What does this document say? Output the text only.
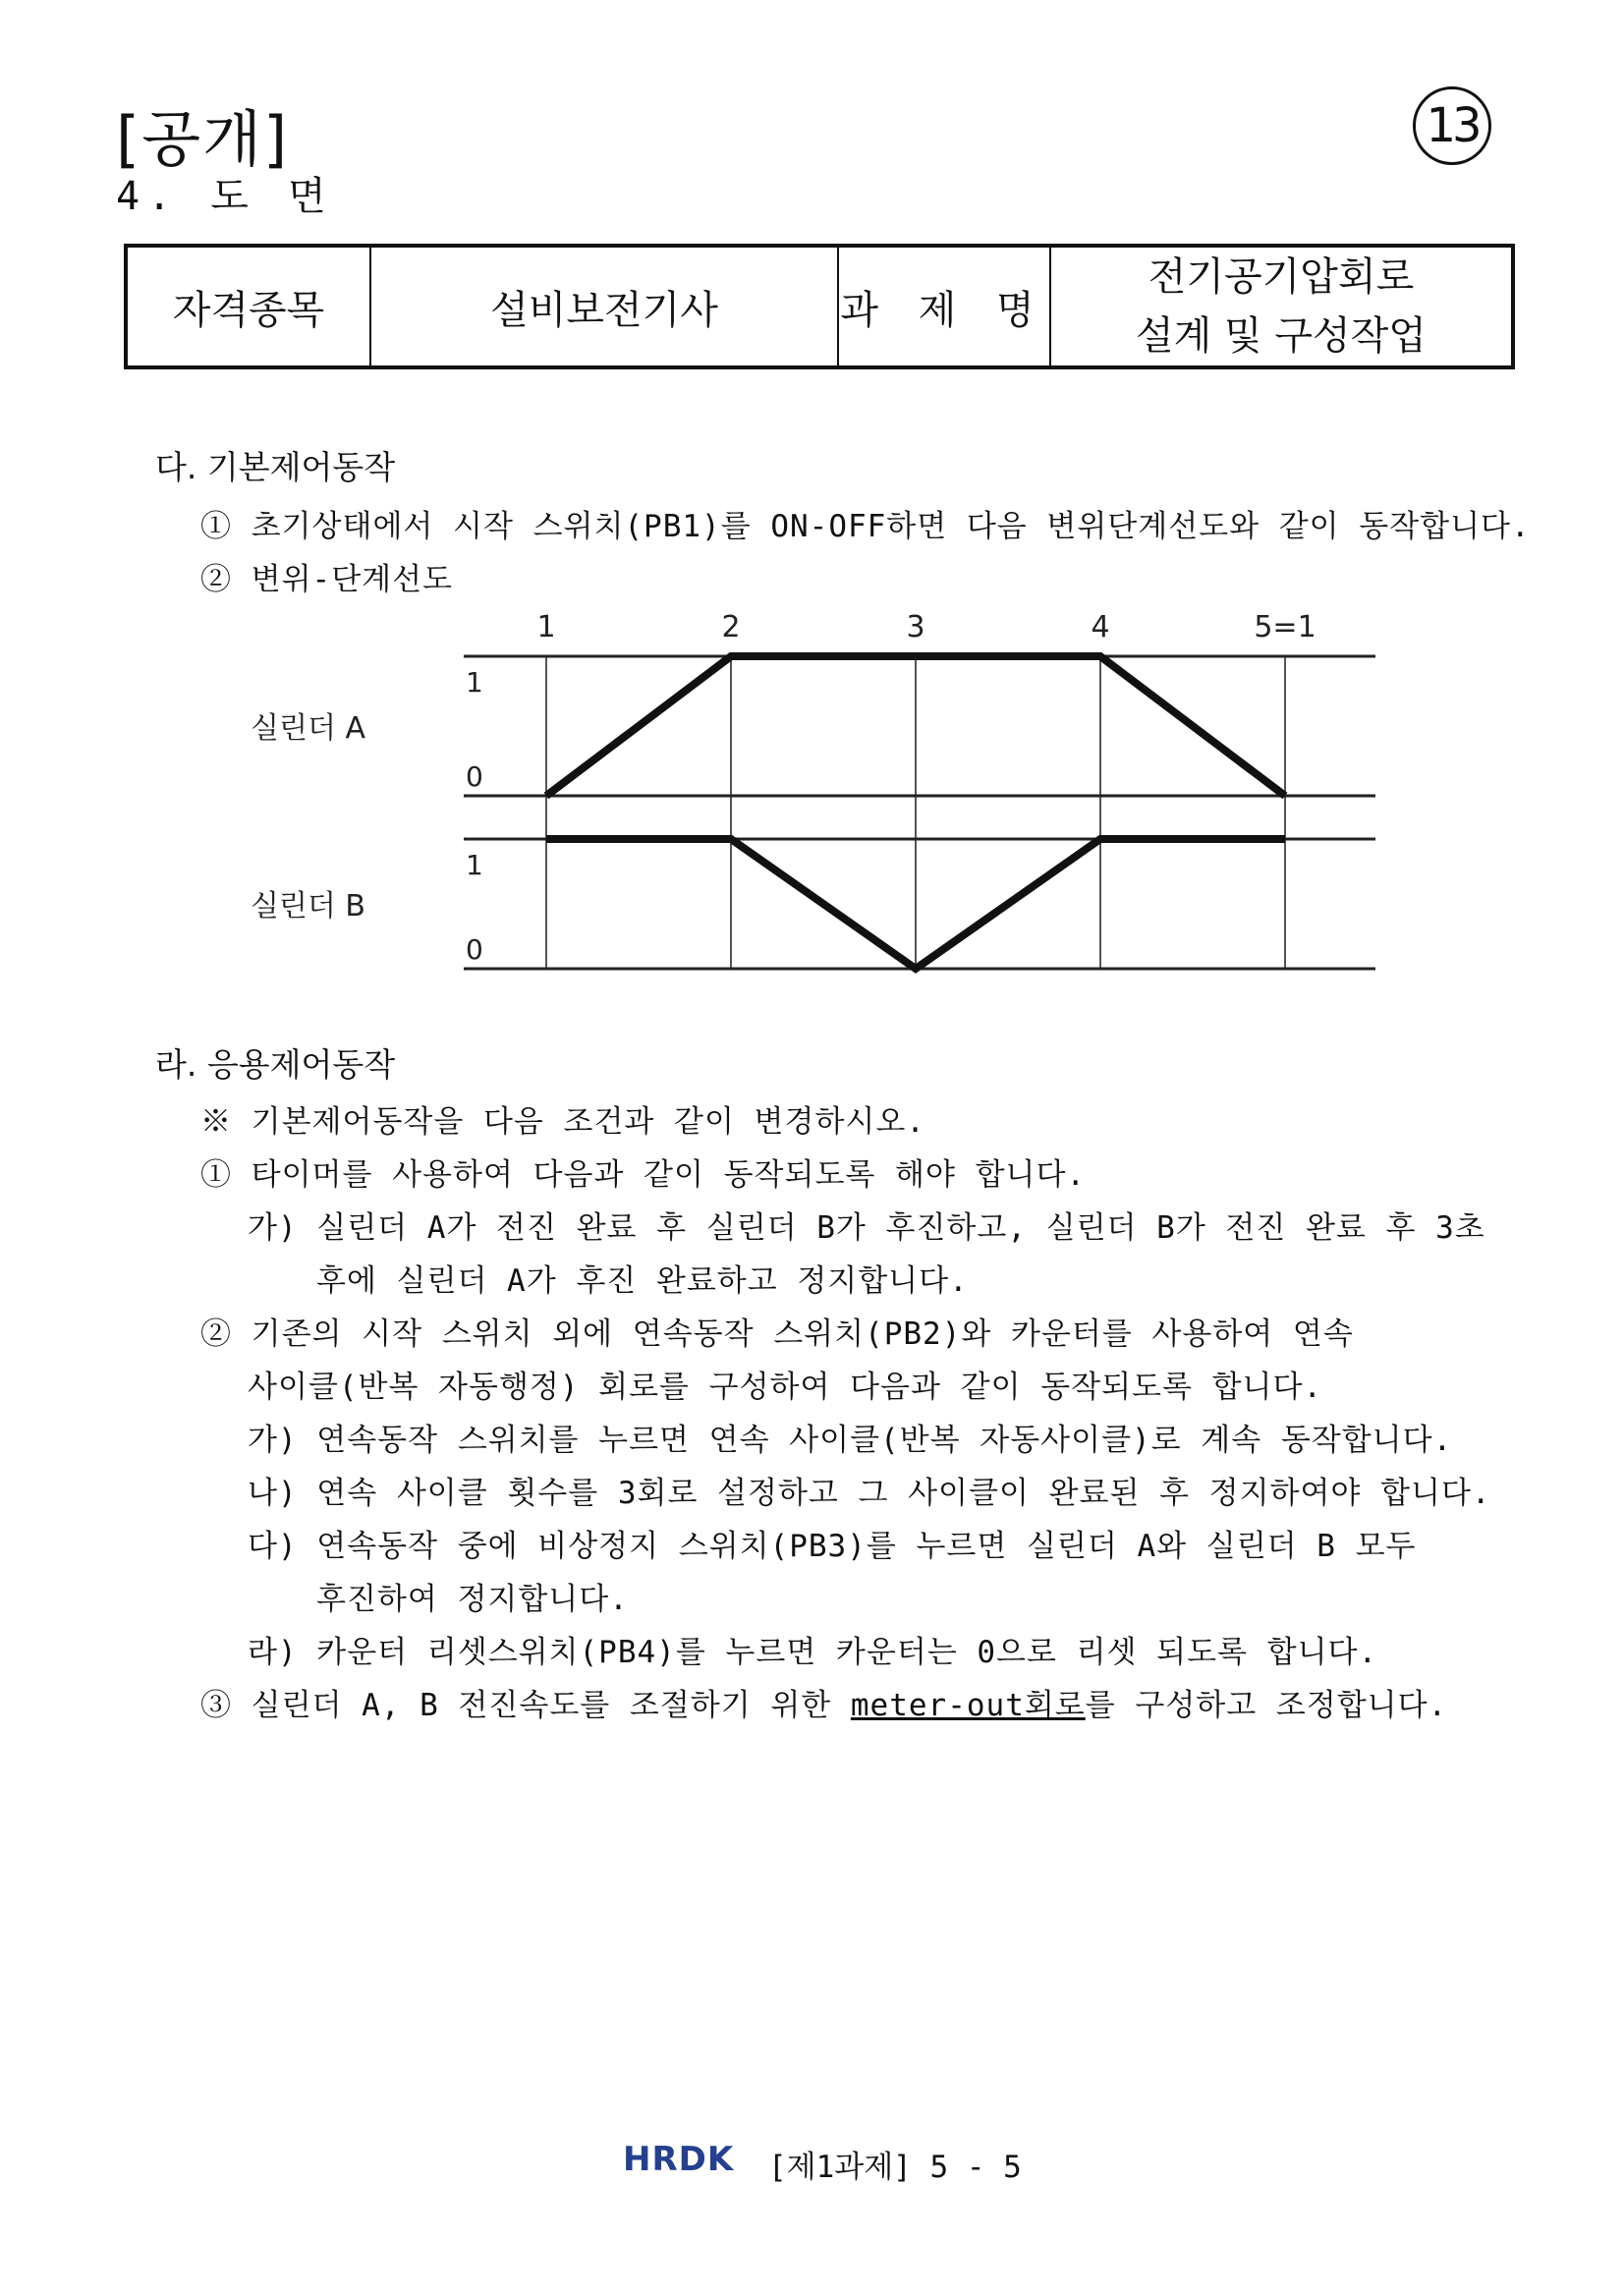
[공개]
4. 도 면
13
자격종목	설비보전기사	과 제 명	
전기공기압회로
설계 및 구성작업
다. 기본제어동작
① 초기상태에서 시작 스위치(PB1)를 ON-OFF하면 다음 변위단계선도와 같이 동작합니다.
② 변위-단계선도
1	2	3	4	5=1
실린더 A
1
0
실린더 B
1
0
라. 응용제어동작
※ 기본제어동작을 다음 조건과 같이 변경하시오.
① 타이머를 사용하여 다음과 같이 동작되도록 해야 합니다.
가) 실린더 A가 전진 완료 후 실린더 B가 후진하고, 실린더 B가 전진 완료 후 3초
후에 실린더 A가 후진 완료하고 정지합니다.
② 기존의 시작 스위치 외에 연속동작 스위치(PB2)와 카운터를 사용하여 연속
사이클(반복 자동행정) 회로를 구성하여 다음과 같이 동작되도록 합니다.
가) 연속동작 스위치를 누르면 연속 사이클(반복 자동사이클)로 계속 동작합니다.
나) 연속 사이클 횟수를 3회로 설정하고 그 사이클이 완료된 후 정지하여야 합니다.
다) 연속동작 중에 비상정지 스위치(PB3)를 누르면 실린더 A와 실린더 B 모두
후진하여 정지합니다.
라) 카운터 리셋스위치(PB4)를 누르면 카운터는 0으로 리셋 되도록 합니다.
③ 실린더 A, B 전진속도를 조절하기 위한 meter-out회로를 구성하고 조정합니다.
HRDK [제1과제] 5 - 5
